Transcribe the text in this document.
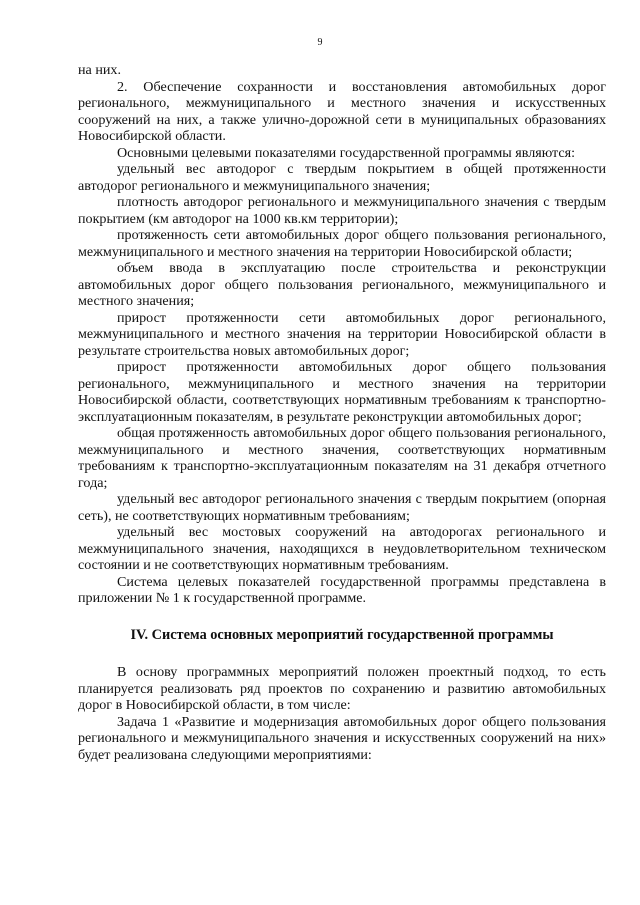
9

на них.

2. Обеспечение сохранности и восстановления автомобильных дорог регионального, межмуниципального и местного значения и искусственных сооружений на них, а также улично-дорожной сети в муниципальных образованиях Новосибирской области.

Основными целевыми показателями государственной программы являются:

удельный вес автодорог с твердым покрытием в общей протяженности автодорог регионального и межмуниципального значения;

плотность автодорог регионального и межмуниципального значения с твердым покрытием (км автодорог на 1000 кв.км территории);

протяженность сети автомобильных дорог общего пользования регионального, межмуниципального и местного значения на территории Новосибирской области;

объем ввода в эксплуатацию после строительства и реконструкции автомобильных дорог общего пользования регионального, межмуниципального и местного значения;

прирост протяженности сети автомобильных дорог регионального, межмуниципального и местного значения на территории Новосибирской области в результате строительства новых автомобильных дорог;

прирост протяженности автомобильных дорог общего пользования регионального, межмуниципального и местного значения на территории Новосибирской области, соответствующих нормативным требованиям к транспортно-эксплуатационным показателям, в результате реконструкции автомобильных дорог;

общая протяженность автомобильных дорог общего пользования регионального, межмуниципального и местного значения, соответствующих нормативным требованиям к транспортно-эксплуатационным показателям на 31 декабря отчетного года;

удельный вес автодорог регионального значения с твердым покрытием (опорная сеть), не соответствующих нормативным требованиям;

удельный вес мостовых сооружений на автодорогах регионального и межмуниципального значения, находящихся в неудовлетворительном техническом состоянии и не соответствующих нормативным требованиям.

Система целевых показателей государственной программы представлена в приложении № 1 к государственной программе.

IV. Система основных мероприятий государственной программы

В основу программных мероприятий положен проектный подход, то есть планируется реализовать ряд проектов по сохранению и развитию автомобильных дорог в Новосибирской области, в том числе:

Задача 1 «Развитие и модернизация автомобильных дорог общего пользования регионального и межмуниципального значения и искусственных сооружений на них» будет реализована следующими мероприятиями:
